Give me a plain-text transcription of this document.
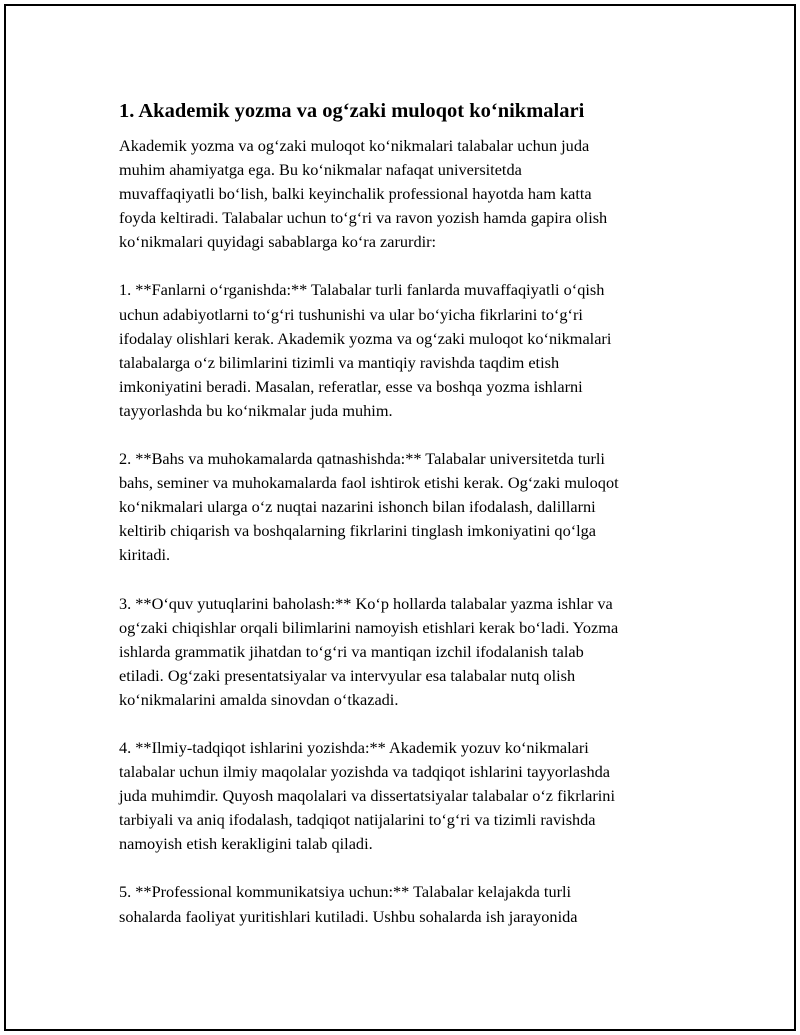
1. Akademik yozma va og‘zaki muloqot ko‘nikmalari

Akademik yozma va og‘zaki muloqot ko‘nikmalari talabalar uchun juda
muhim ahamiyatga ega. Bu ko‘nikmalar nafaqat universitetda
muvaffaqiyatli bo‘lish, balki keyinchalik professional hayotda ham katta
foyda keltiradi. Talabalar uchun to‘g‘ri va ravon yozish hamda gapira olish
ko‘nikmalari quyidagi sabablarga ko‘ra zarurdir:

1. **Fanlarni o‘rganishda:** Talabalar turli fanlarda muvaffaqiyatli o‘qish
uchun adabiyotlarni to‘g‘ri tushunishi va ular bo‘yicha fikrlarini to‘g‘ri
ifodalay olishlari kerak. Akademik yozma va og‘zaki muloqot ko‘nikmalari
talabalarga o‘z bilimlarini tizimli va mantiqiy ravishda taqdim etish
imkoniyatini beradi. Masalan, referatlar, esse va boshqa yozma ishlarni
tayyorlashda bu ko‘nikmalar juda muhim.

2. **Bahs va muhokamalarda qatnashishda:** Talabalar universitetda turli
bahs, seminer va muhokamalarda faol ishtirok etishi kerak. Og‘zaki muloqot
ko‘nikmalari ularga o‘z nuqtai nazarini ishonch bilan ifodalash, dalillarni
keltirib chiqarish va boshqalarning fikrlarini tinglash imkoniyatini qo‘lga
kiritadi.

3. **O‘quv yutuqlarini baholash:** Ko‘p hollarda talabalar yazma ishlar va
og‘zaki chiqishlar orqali bilimlarini namoyish etishlari kerak bo‘ladi. Yozma
ishlarda grammatik jihatdan to‘g‘ri va mantiqan izchil ifodalanish talab
etiladi. Og‘zaki presentatsiyalar va intervyular esa talabalar nutq olish
ko‘nikmalarini amalda sinovdan o‘tkazadi.

4. **Ilmiy-tadqiqot ishlarini yozishda:** Akademik yozuv ko‘nikmalari
talabalar uchun ilmiy maqolalar yozishda va tadqiqot ishlarini tayyorlashda
juda muhimdir. Quyosh maqolalari va dissertatsiyalar talabalar o‘z fikrlarini
tarbiyali va aniq ifodalash, tadqiqot natijalarini to‘g‘ri va tizimli ravishda
namoyish etish kerakligini talab qiladi.

5. **Professional kommunikatsiya uchun:** Talabalar kelajakda turli
sohalarda faoliyat yuritishlari kutiladi. Ushbu sohalarda ish jarayonida
